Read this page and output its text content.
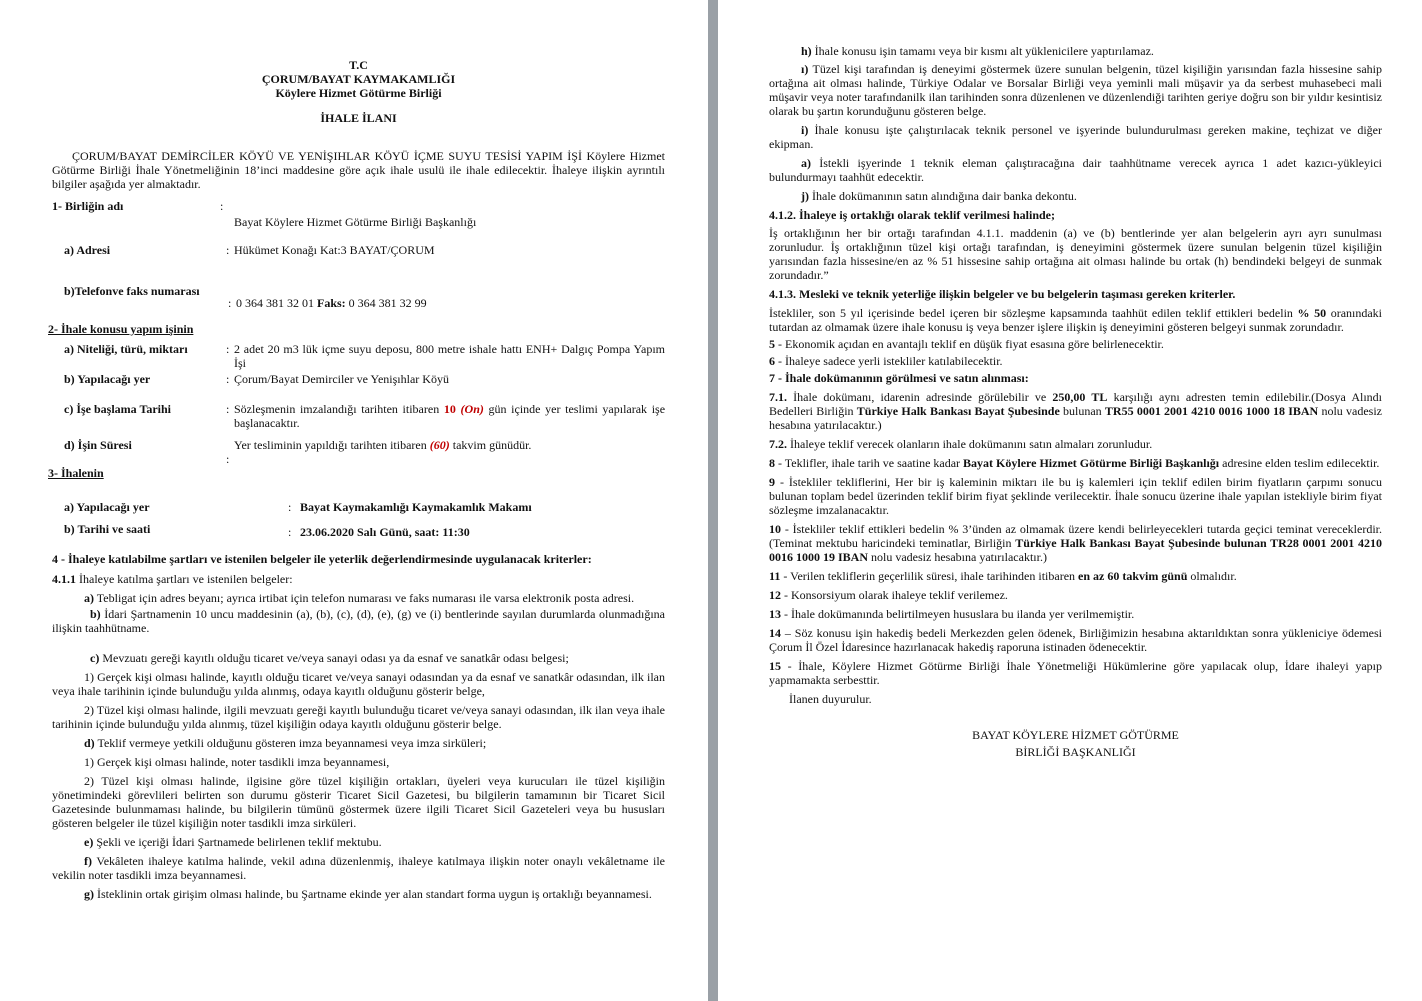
T.C

ÇORUM/BAYAT KAYMAKAMLIĞI

Köylere Hizmet Götürme Birliği

İHALE İLANI

ÇORUM/BAYAT DEMİRCİLER KÖYÜ VE YENİŞIHLAR KÖYÜ İÇME SUYU TESİSİ YAPIM İŞİ Köylere Hizmet Götürme Birliği İhale Yönetmeliğinin 18’inci maddesine göre açık ihale usulü ile ihale edilecektir. İhaleye ilişkin ayrıntılı bilgiler aşağıda yer almaktadır.

1- Birliğin adı	:
Bayat Köylere Hizmet Götürme Birliği Başkanlığı
a) Adresi	: Hükümet Konağı Kat:3 BAYAT/ÇORUM
b)Telefonve faks numarası
: 0 364 381 32 01 Faks: 0 364 381 32 99
2- İhale konusu yapım işinin
a) Niteliği, türü, miktarı	: 2 adet 20 m3 lük içme suyu deposu, 800 metre ishale hattı ENH+ Dalgıç Pompa Yapım İşi
b) Yapılacağı yer	: Çorum/Bayat Demirciler ve Yenişıhlar Köyü
c) İşe başlama Tarihi	: Sözleşmenin imzalandığı tarihten itibaren 10 (On) gün içinde yer teslimi yapılarak işe başlanacaktır.
d) İşin Süresi	Yer tesliminin yapıldığı tarihten itibaren (60) takvim günüdür.
:
3- İhalenin
a) Yapılacağı yer	: Bayat Kaymakamlığı Kaymakamlık Makamı
b) Tarihi ve saati	: 23.06.2020 Salı Günü, saat: 11:30

4 - İhaleye katılabilme şartları ve istenilen belgeler ile yeterlik değerlendirmesinde uygulanacak kriterler:

4.1.1 İhaleye katılma şartları ve istenilen belgeler:

a) Tebligat için adres beyanı; ayrıca irtibat için telefon numarası ve faks numarası ile varsa elektronik posta adresi.

b) İdari Şartnamenin 10 uncu maddesinin (a), (b), (c), (d), (e), (g) ve (i) bentlerinde sayılan durumlarda olunmadığına ilişkin taahhütname.

c) Mevzuatı gereği kayıtlı olduğu ticaret ve/veya sanayi odası ya da esnaf ve sanatkâr odası belgesi;

1) Gerçek kişi olması halinde, kayıtlı olduğu ticaret ve/veya sanayi odasından ya da esnaf ve sanatkâr odasından, ilk ilan veya ihale tarihinin içinde bulunduğu yılda alınmış, odaya kayıtlı olduğunu gösterir belge,

2) Tüzel kişi olması halinde, ilgili mevzuatı gereği kayıtlı bulunduğu ticaret ve/veya sanayi odasından, ilk ilan veya ihale tarihinin içinde bulunduğu yılda alınmış, tüzel kişiliğin odaya kayıtlı olduğunu gösterir belge.

d) Teklif vermeye yetkili olduğunu gösteren imza beyannamesi veya imza sirküleri;

1) Gerçek kişi olması halinde, noter tasdikli imza beyannamesi,

2) Tüzel kişi olması halinde, ilgisine göre tüzel kişiliğin ortakları, üyeleri veya kurucuları ile tüzel kişiliğin yönetimindeki görevlileri belirten son durumu gösterir Ticaret Sicil Gazetesi, bu bilgilerin tamamının bir Ticaret Sicil Gazetesinde bulunmaması halinde, bu bilgilerin tümünü göstermek üzere ilgili Ticaret Sicil Gazeteleri veya bu hususları gösteren belgeler ile tüzel kişiliğin noter tasdikli imza sirküleri.

e) Şekli ve içeriği İdari Şartnamede belirlenen teklif mektubu.

f) Vekâleten ihaleye katılma halinde, vekil adına düzenlenmiş, ihaleye katılmaya ilişkin noter onaylı vekâletname ile vekilin noter tasdikli imza beyannamesi.

g) İsteklinin ortak girişim olması halinde, bu Şartname ekinde yer alan standart forma uygun iş ortaklığı beyannamesi.

h) İhale konusu işin tamamı veya bir kısmı alt yüklenicilere yaptırılamaz.

ı) Tüzel kişi tarafından iş deneyimi göstermek üzere sunulan belgenin, tüzel kişiliğin yarısından fazla hissesine sahip ortağına ait olması halinde, Türkiye Odalar ve Borsalar Birliği veya yeminli mali müşavir ya da serbest muhasebeci mali müşavir veya noter tarafındanilk ilan tarihinden sonra düzenlenen ve düzenlendiği tarihten geriye doğru son bir yıldır kesintisiz olarak bu şartın korunduğunu gösteren belge.

i) İhale konusu işte çalıştırılacak teknik personel ve işyerinde bulundurulması gereken makine, teçhizat ve diğer ekipman.

a) İstekli işyerinde 1 teknik eleman çalıştıracağına dair taahhütname verecek ayrıca 1 adet kazıcı-yükleyici bulundurmayı taahhüt edecektir.

j) İhale dokümanının satın alındığına dair banka dekontu.

4.1.2. İhaleye iş ortaklığı olarak teklif verilmesi halinde;

İş ortaklığının her bir ortağı tarafından 4.1.1. maddenin (a) ve (b) bentlerinde yer alan belgelerin ayrı ayrı sunulması zorunludur. İş ortaklığının tüzel kişi ortağı tarafından, iş deneyimini göstermek üzere sunulan belgenin tüzel kişiliğin yarısından fazla hissesine/en az % 51 hissesine sahip ortağına ait olması halinde bu ortak (h) bendindeki belgeyi de sunmak zorundadır.”

4.1.3. Mesleki ve teknik yeterliğe ilişkin belgeler ve bu belgelerin taşıması gereken kriterler.

İstekliler, son 5 yıl içerisinde bedel içeren bir sözleşme kapsamında taahhüt edilen teklif ettikleri bedelin % 50 oranındaki tutardan az olmamak üzere ihale konusu iş veya benzer işlere ilişkin iş deneyimini gösteren belgeyi sunmak zorundadır.

5 - Ekonomik açıdan en avantajlı teklif en düşük fiyat esasına göre belirlenecektir.

6 - İhaleye sadece yerli istekliler katılabilecektir.

7 - İhale dokümanının görülmesi ve satın alınması:

7.1. İhale dokümanı, idarenin adresinde görülebilir ve 250,00 TL karşılığı aynı adresten temin edilebilir.(Dosya Alındı Bedelleri Birliğin Türkiye Halk Bankası Bayat Şubesinde bulunan TR55 0001 2001 4210 0016 1000 18 IBAN nolu vadesiz hesabına yatırılacaktır.)

7.2. İhaleye teklif verecek olanların ihale dokümanını satın almaları zorunludur.

8 - Teklifler, ihale tarih ve saatine kadar Bayat Köylere Hizmet Götürme Birliği Başkanlığı adresine elden teslim edilecektir.

9 - İstekliler tekliflerini, Her bir iş kaleminin miktarı ile bu iş kalemleri için teklif edilen birim fiyatların çarpımı sonucu bulunan toplam bedel üzerinden teklif birim fiyat şeklinde verilecektir. İhale sonucu üzerine ihale yapılan istekliyle birim fiyat sözleşme imzalanacaktır.

10 - İstekliler teklif ettikleri bedelin % 3’ünden az olmamak üzere kendi belirleyecekleri tutarda geçici teminat vereceklerdir. (Teminat mektubu haricindeki teminatlar, Birliğin Türkiye Halk Bankası Bayat Şubesinde bulunan TR28 0001 2001 4210 0016 1000 19 IBAN nolu vadesiz hesabına yatırılacaktır.)

11 - Verilen tekliflerin geçerlilik süresi, ihale tarihinden itibaren en az 60 takvim günü olmalıdır.

12 - Konsorsiyum olarak ihaleye teklif verilemez.

13 - İhale dokümanında belirtilmeyen hususlara bu ilanda yer verilmemiştir.

14 – Söz konusu işin hakediş bedeli Merkezden gelen ödenek, Birliğimizin hesabına aktarıldıktan sonra yükleniciye ödemesi Çorum İl Özel İdaresince hazırlanacak hakediş raporuna istinaden ödenecektir.

15 - İhale, Köylere Hizmet Götürme Birliği İhale Yönetmeliği Hükümlerine göre yapılacak olup, İdare ihaleyi yapıp yapmamakta serbesttir.

İlanen duyurulur.

BAYAT KÖYLERE HİZMET GÖTÜRME

BİRLİĞİ BAŞKANLIĞI
